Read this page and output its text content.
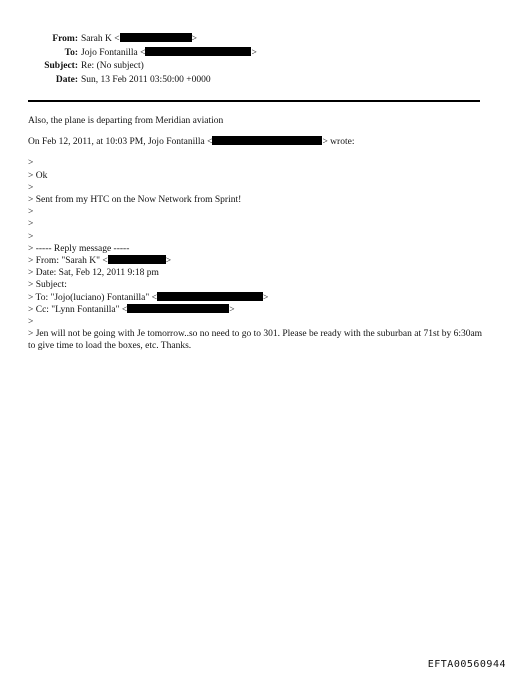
From: Sarah K <	>
To: Jojo Fontanilla <	>
Subject: Re: (No subject)
Date: Sun, 13 Feb 2011 03:50:00 +0000
Also, the plane is departing from Meridian aviation
On Feb 12, 2011, at 10:03 PM, Jojo Fontanilla <	> wrote:
>
> Ok
>
> Sent from my HTC on the Now Network from Sprint!
>
>
>
> ----- Reply message -----
> From: "Sarah K" <	>
> Date: Sat, Feb 12, 2011 9:18 pm
> Subject:
> To: "Jojo(luciano) Fontanilla" <	>
> Cc: "Lynn Fontanilla" <	>
>
> Jen will not be going with Je tomorrow..so no need to go to 301. Please be ready with the suburban at 71st by 6:30am to give time to load the boxes, etc. Thanks.
EFTA00560944
